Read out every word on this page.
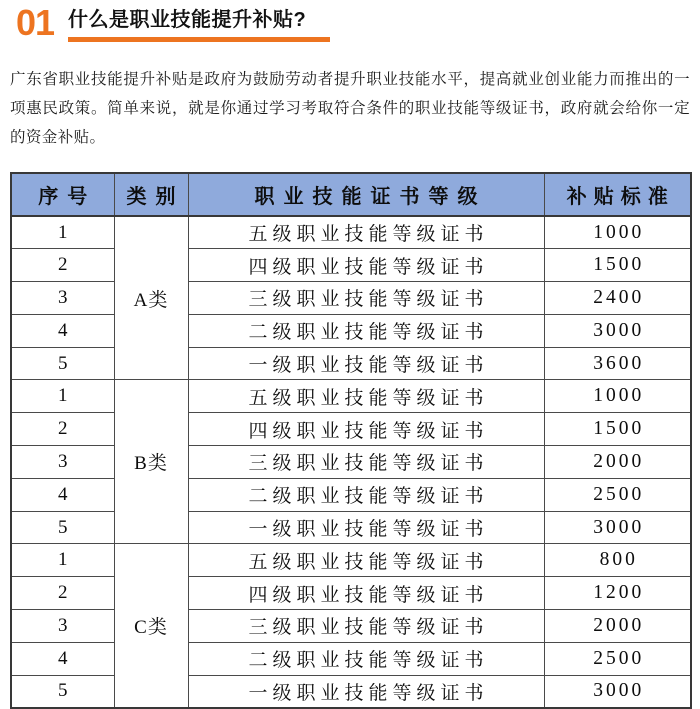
01 什么是职业技能提升补贴?

广东省职业技能提升补贴是政府为鼓励劳动者提升职业技能水平，提高就业创业能力而推出的一项惠民政策。简单来说，就是你通过学习考取符合条件的职业技能等级证书，政府就会给你一定的资金补贴。

序号	类别	职业技能证书等级	补贴标准
1	A类	五级职业技能等级证书	1000
2		四级职业技能等级证书	1500
3		三级职业技能等级证书	2400
4		二级职业技能等级证书	3000
5		一级职业技能等级证书	3600
1	B类	五级职业技能等级证书	1000
2		四级职业技能等级证书	1500
3		三级职业技能等级证书	2000
4		二级职业技能等级证书	2500
5		一级职业技能等级证书	3000
1	C类	五级职业技能等级证书	800
2		四级职业技能等级证书	1200
3		三级职业技能等级证书	2000
4		二级职业技能等级证书	2500
5		一级职业技能等级证书	3000
